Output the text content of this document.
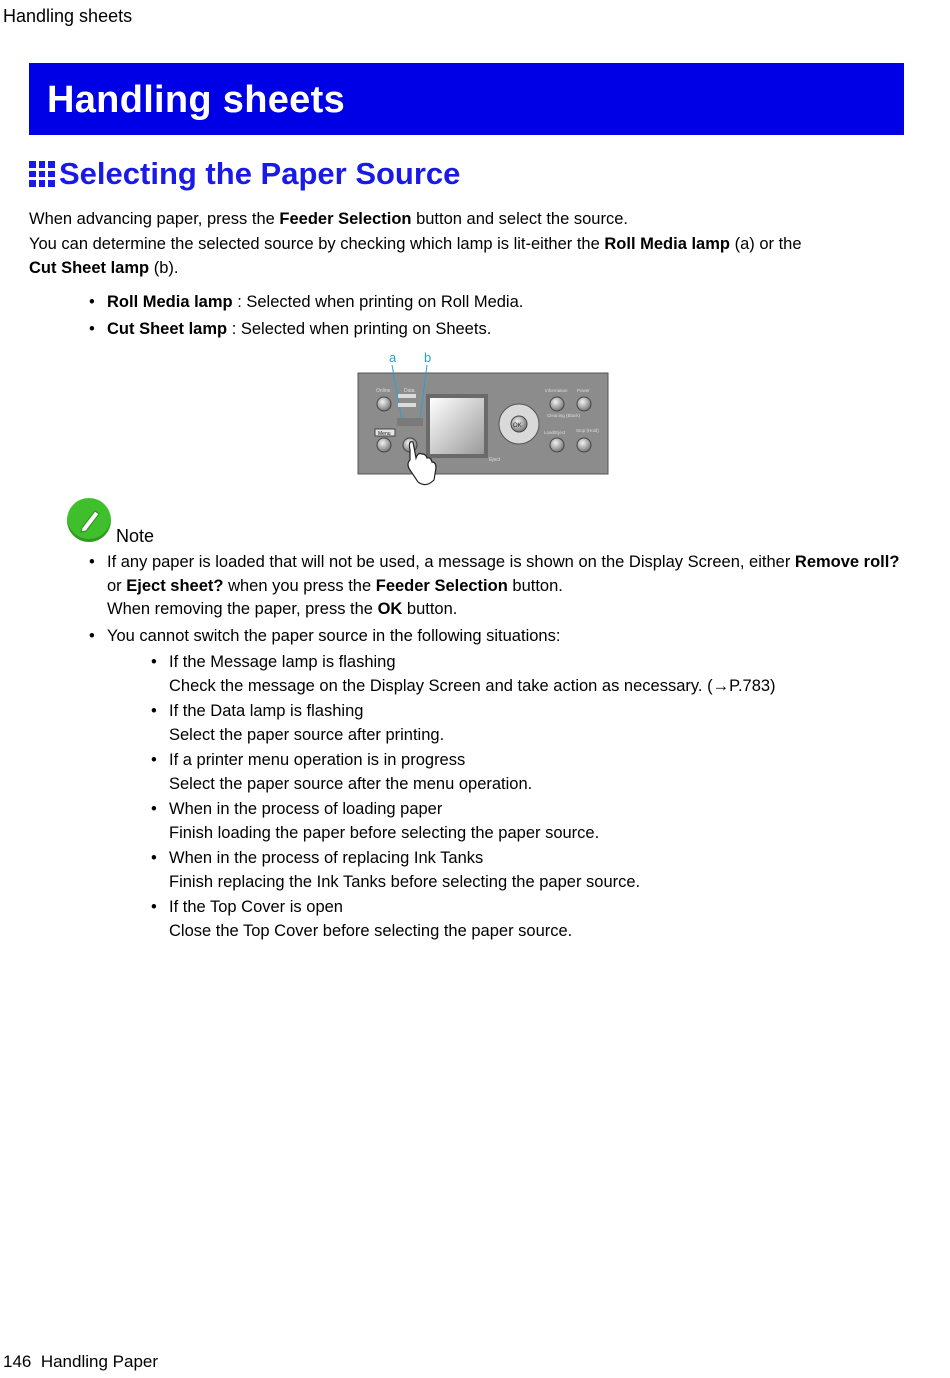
Handling sheets
Handling sheets
Selecting the Paper Source
When advancing paper, press the Feeder Selection button and select the source.
You can determine the selected source by checking which lamp is lit-either the Roll Media lamp (a) or the
Cut Sheet lamp (b).
• Roll Media lamp : Selected when printing on Roll Media.
• Cut Sheet lamp : Selected when printing on Sheets.
a b
Online	Data
Menu
OK
Information Power
Cleaning (Black)
Load/Eject Stop (Hold)
Eject
Note
• If any paper is loaded that will not be used, a message is shown on the Display Screen, either Remove roll? or Eject sheet? when you press the Feeder Selection button.
When removing the paper, press the OK button.
• You cannot switch the paper source in the following situations:
• If the Message lamp is flashing
Check the message on the Display Screen and take action as necessary. (→P.783)
• If the Data lamp is flashing
Select the paper source after printing.
• If a printer menu operation is in progress
Select the paper source after the menu operation.
• When in the process of loading paper
Finish loading the paper before selecting the paper source.
• When in the process of replacing Ink Tanks
Finish replacing the Ink Tanks before selecting the paper source.
• If the Top Cover is open
Close the Top Cover before selecting the paper source.
146 Handling Paper
